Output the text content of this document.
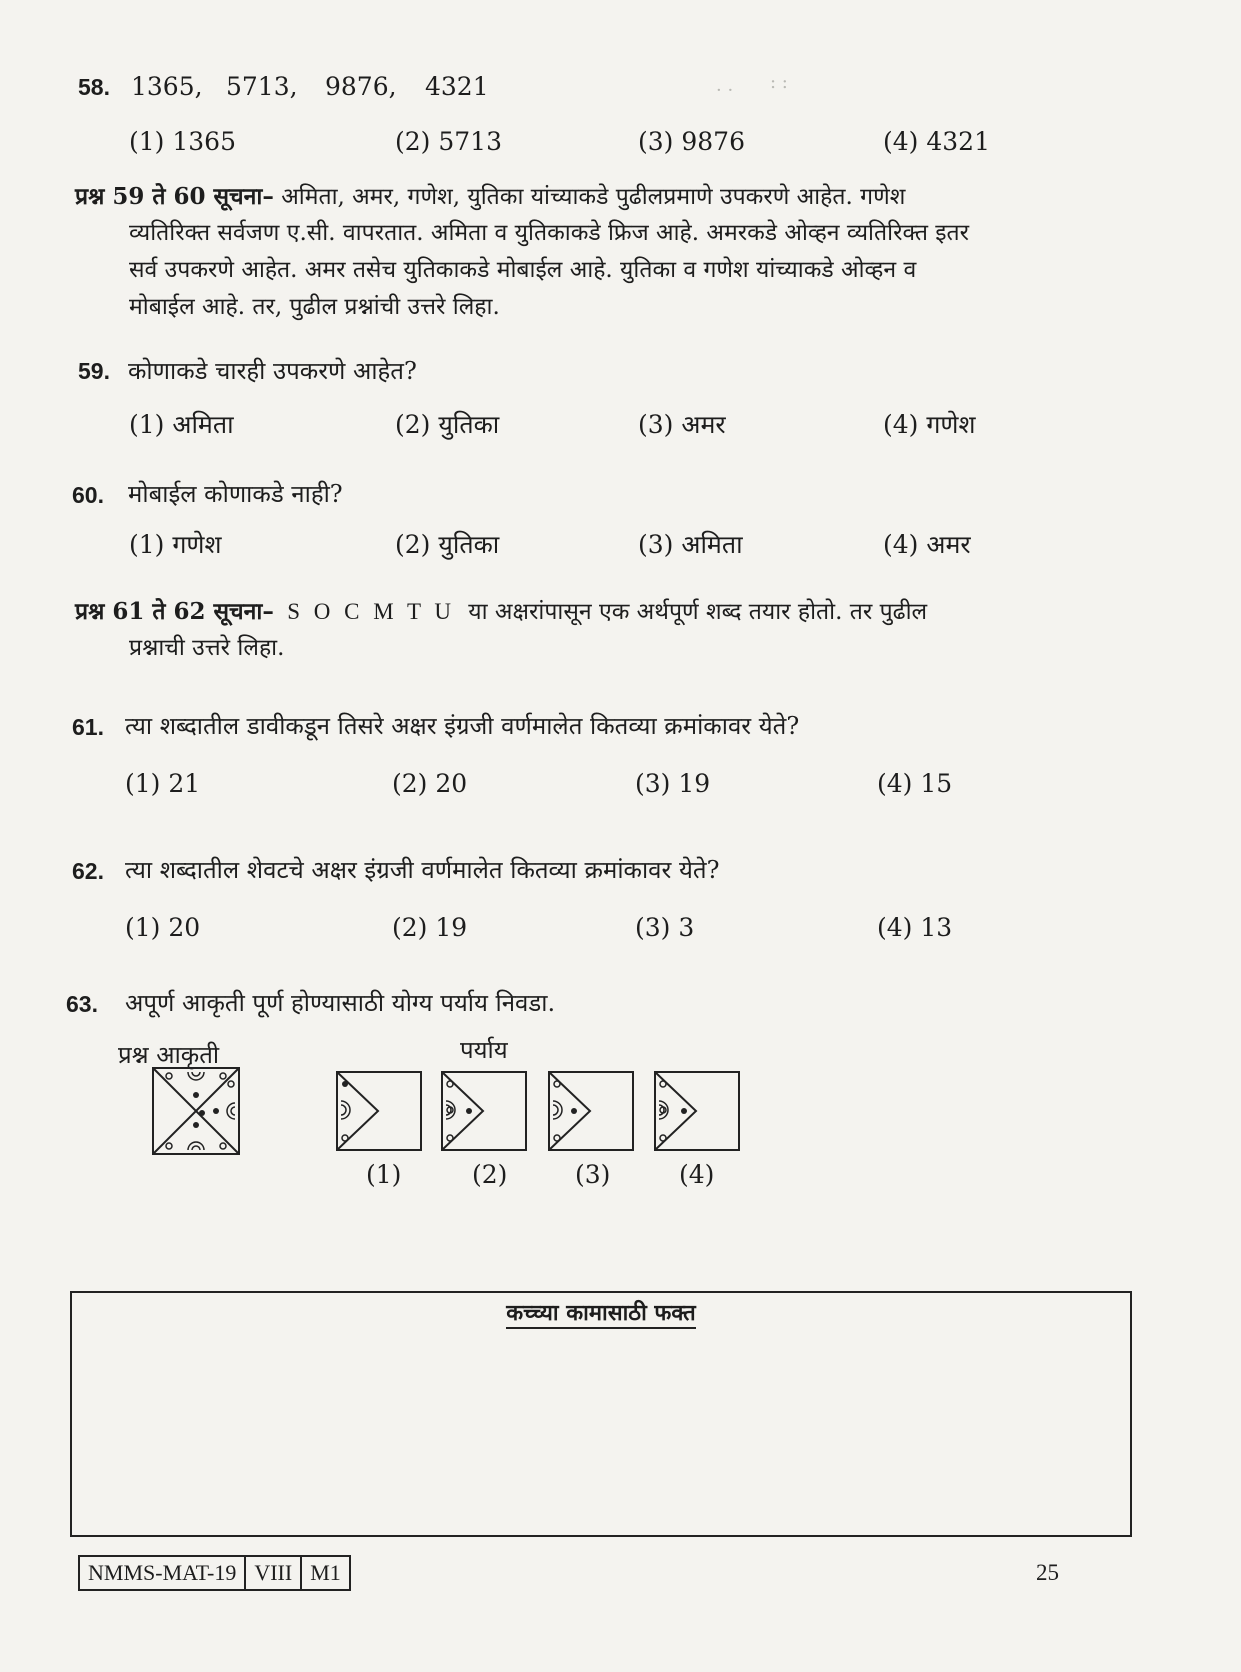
58. 1365, 5713, 9876, 4321
(1) 1365	(2) 5713	(3) 9876	(4) 4321
· · : :
प्रश्न 59 ते 60 सूचना– अमिता, अमर, गणेश, युतिका यांच्याकडे पुढीलप्रमाणे उपकरणे आहेत. गणेश
व्यतिरिक्त सर्वजण ए.सी. वापरतात. अमिता व युतिकाकडे फ्रिज आहे. अमरकडे ओव्हन व्यतिरिक्त इतर
सर्व उपकरणे आहेत. अमर तसेच युतिकाकडे मोबाईल आहे. युतिका व गणेश यांच्याकडे ओव्हन व
मोबाईल आहे. तर, पुढील प्रश्नांची उत्तरे लिहा.
59. कोणाकडे चारही उपकरणे आहेत?
(1) अमिता	(2) युतिका	(3) अमर	(4) गणेश
60. मोबाईल कोणाकडे नाही?
(1) गणेश	(2) युतिका	(3) अमिता	(4) अमर
प्रश्न 61 ते 62 सूचना– S O C M T U या अक्षरांपासून एक अर्थपूर्ण शब्द तयार होतो. तर पुढील
प्रश्नाची उत्तरे लिहा.
61. त्या शब्दातील डावीकडून तिसरे अक्षर इंग्रजी वर्णमालेत कितव्या क्रमांकावर येते?
(1) 21	(2) 20	(3) 19	(4) 15
62. त्या शब्दातील शेवटचे अक्षर इंग्रजी वर्णमालेत कितव्या क्रमांकावर येते?
(1) 20	(2) 19	(3) 3	(4) 13
63. अपूर्ण आकृती पूर्ण होण्यासाठी योग्य पर्याय निवडा.
प्रश्न आकृती	पर्याय
(1)	(2)	(3)	(4)
कच्च्या कामासाठी फक्त
NMMS-MAT-19 VIII M1	25
